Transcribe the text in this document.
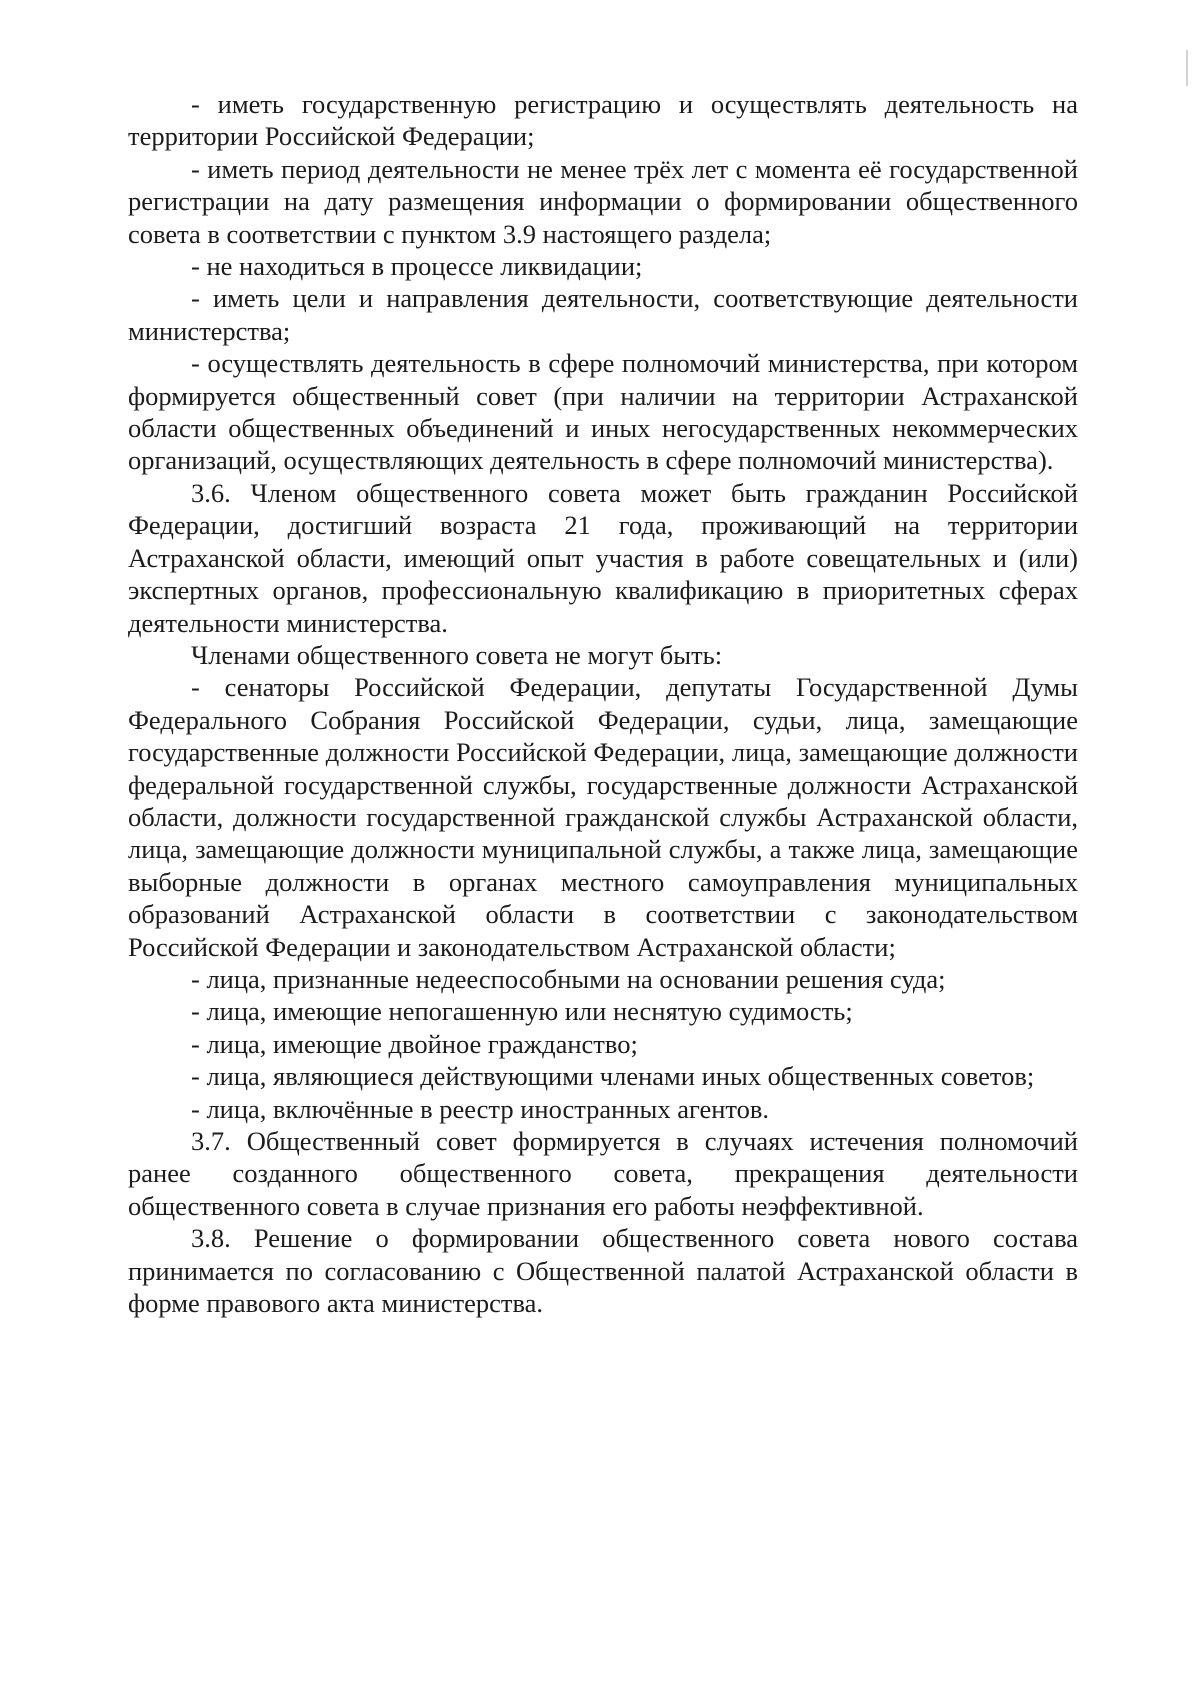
- иметь государственную регистрацию и осуществлять деятельность на территории Российской Федерации;

- иметь период деятельности не менее трёх лет с момента её государственной регистрации на дату размещения информации о формировании общественного совета в соответствии с пунктом 3.9 настоящего раздела;

- не находиться в процессе ликвидации;

- иметь цели и направления деятельности, соответствующие деятельности министерства;

- осуществлять деятельность в сфере полномочий министерства, при котором формируется общественный совет (при наличии на территории Астраханской области общественных объединений и иных негосударственных некоммерческих организаций, осуществляющих деятельность в сфере полномочий министерства).

3.6. Членом общественного совета может быть гражданин Российской Федерации, достигший возраста 21 года, проживающий на территории Астраханской области, имеющий опыт участия в работе совещательных и (или) экспертных органов, профессиональную квалификацию в приоритетных сферах деятельности министерства.

Членами общественного совета не могут быть:

- сенаторы Российской Федерации, депутаты Государственной Думы Федерального Собрания Российской Федерации, судьи, лица, замещающие государственные должности Российской Федерации, лица, замещающие должности федеральной государственной службы, государственные должности Астраханской области, должности государственной гражданской службы Астраханской области, лица, замещающие должности муниципальной службы, а также лица, замещающие выборные должности в органах местного самоуправления муниципальных образований Астраханской области в соответствии с законодательством Российской Федерации и законодательством Астраханской области;

- лица, признанные недееспособными на основании решения суда;

- лица, имеющие непогашенную или неснятую судимость;

- лица, имеющие двойное гражданство;

- лица, являющиеся действующими членами иных общественных советов;

- лица, включённые в реестр иностранных агентов.

3.7. Общественный совет формируется в случаях истечения полномочий ранее созданного общественного совета, прекращения деятельности общественного совета в случае признания его работы неэффективной.

3.8. Решение о формировании общественного совета нового состава принимается по согласованию с Общественной палатой Астраханской области в форме правового акта министерства.
